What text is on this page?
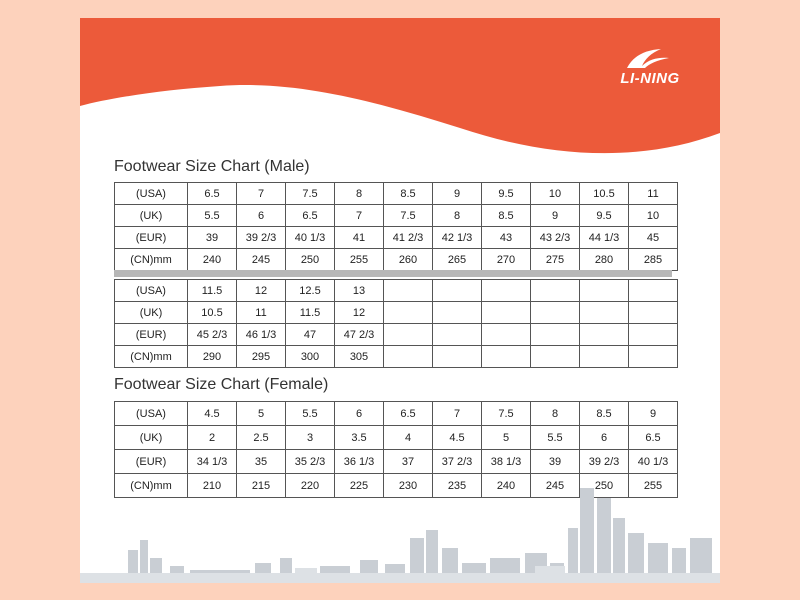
LI-NING
Footwear Size Chart (Male)
(USA)	6.5	7	7.5	8	8.5	9	9.5	10	10.5	11
(UK)	5.5	6	6.5	7	7.5	8	8.5	9	9.5	10
(EUR)	39	39 2/3	40 1/3	41	41 2/3	42 1/3	43	43 2/3	44 1/3	45
(CN)mm	240	245	250	255	260	265	270	275	280	285
(USA)	11.5	12	12.5	13						
(UK)	10.5	11	11.5	12						
(EUR)	45 2/3	46 1/3	47	47 2/3						
(CN)mm	290	295	300	305						
Footwear Size Chart (Female)
(USA)	4.5	5	5.5	6	6.5	7	7.5	8	8.5	9
(UK)	2	2.5	3	3.5	4	4.5	5	5.5	6	6.5
(EUR)	34 1/3	35	35 2/3	36 1/3	37	37 2/3	38 1/3	39	39 2/3	40 1/3
(CN)mm	210	215	220	225	230	235	240	245	250	255
